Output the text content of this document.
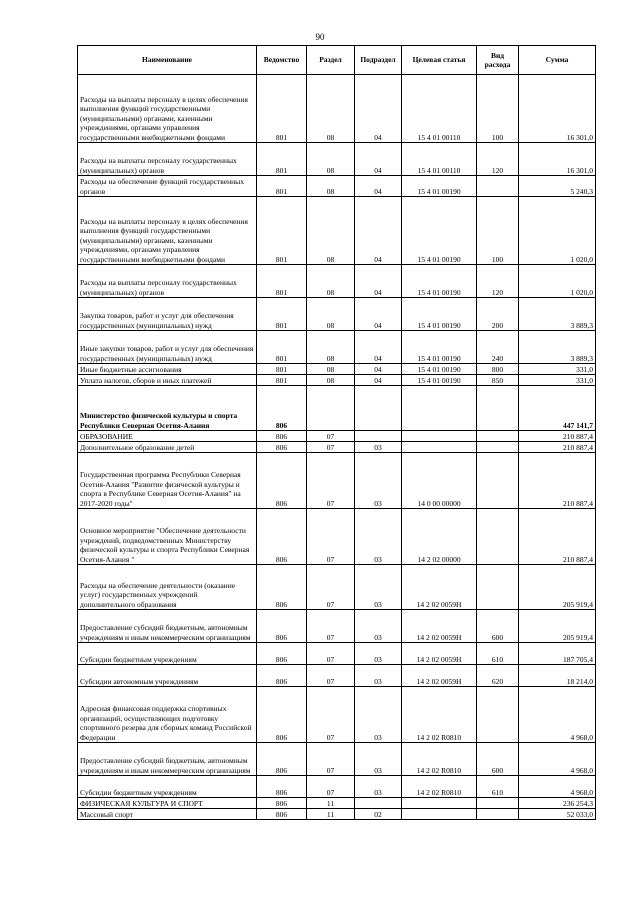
90
Наименование	Ведомство	Раздел	Подраздел	Целевая статья	Вид расхода	Сумма
Расходы на выплаты персоналу в целях обеспечения выполнения функций государственными (муниципальными) органами, казенными учреждениями, органами управления государственными внебюджетными фондами	801	08	04	15 4 01 00110	100	16 301,0
Расходы на выплаты персоналу государственных (муниципальных) органов	801	08	04	15 4 01 00110	120	16 301,0
Расходы на обеспечение функций государственных органов	801	08	04	15 4 01 00190		5 240,3
Расходы на выплаты персоналу в целях обеспечения выполнения функций государственными (муниципальными) органами, казенными учреждениями, органами управления государственными внебюджетными фондами	801	08	04	15 4 01 00190	100	1 020,0
Расходы на выплаты персоналу государственных (муниципальных) органов	801	08	04	15 4 01 00190	120	1 020,0
Закупка товаров, работ и услуг для обеспечения государственных (муниципальных) нужд	801	08	04	15 4 01 00190	200	3 889,3
Иные закупки товаров, работ и услуг для обеспечения государственных (муниципальных) нужд	801	08	04	15 4 01 00190	240	3 889,3
Иные бюджетные ассигнования	801	08	04	15 4 01 00190	800	331,0
Уплата налогов, сборов и иных платежей	801	08	04	15 4 01 00190	850	331,0
Министерство физической культуры и спорта Республики Северная Осетия-Алания	806					447 141,7
ОБРАЗОВАНИЕ	806	07				210 887,4
Дополнительное образование детей	806	07	03			210 887,4
Государственная программа Республики Северная Осетия-Алания "Развитие физической культуры и спорта в Республике Северная Осетия-Алания" на 2017-2020 годы"	806	07	03	14 0 00 00000		210 887,4
Основное мероприятие "Обеспечение деятельности учреждений, подведомственных Министерству физической культуры и спорта Республики Северная Осетия-Алания "	806	07	03	14 2 02 00000		210 887,4
Расходы на обеспечение деятельности (оказание услуг) государственных учреждений дополнительного образования	806	07	03	14 2 02 0059Н		205 919,4
Предоставление субсидий бюджетным, автономным учреждениям и иным некоммерческим организациям	806	07	03	14 2 02 0059Н	600	205 919,4
Субсидии бюджетным учреждениям	806	07	03	14 2 02 0059Н	610	187 705,4
Субсидии автономным учреждениям	806	07	03	14 2 02 0059Н	620	18 214,0
Адресная финансовая поддержка спортивных организаций, осуществляющих подготовку спортивного резерва для сборных команд Российской Федерации	806	07	03	14 2 02 R0810		4 968,0
Предоставление субсидий бюджетным, автономным учреждениям и иным некоммерческим организациям	806	07	03	14 2 02 R0810	600	4 968,0
Субсидии бюджетным учреждениям	806	07	03	14 2 02 R0810	610	4 968,0
ФИЗИЧЕСКАЯ КУЛЬТУРА И СПОРТ	806	11				236 254,3
Массовый спорт	806	11	02			52 033,0
